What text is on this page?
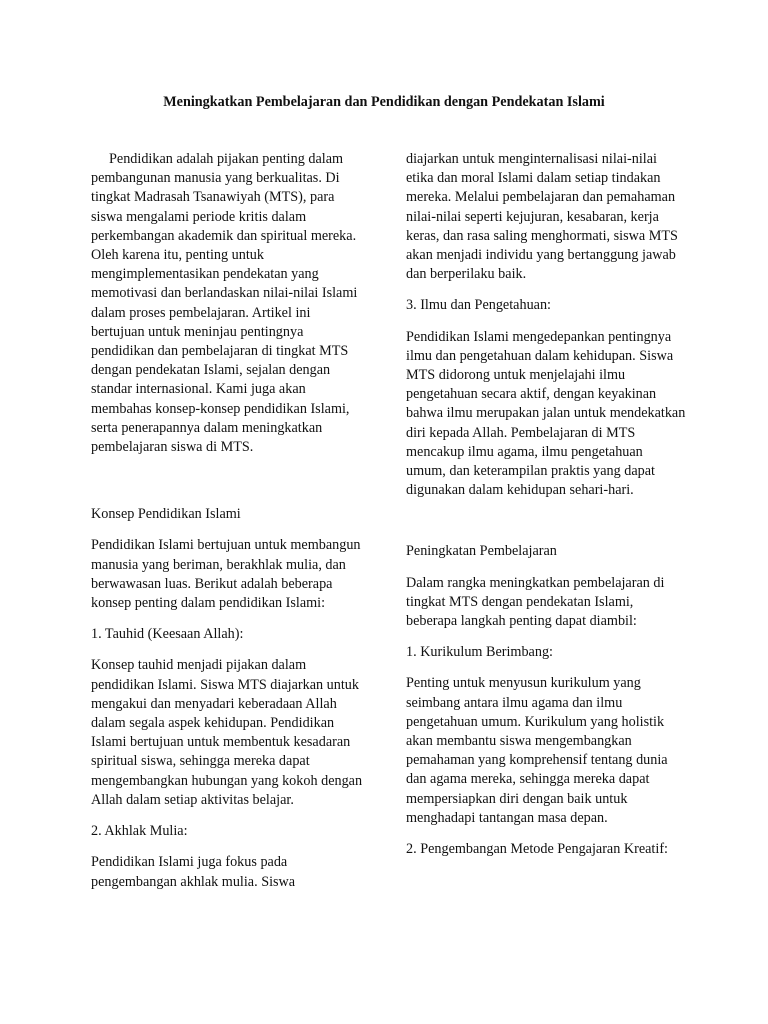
Meningkatkan Pembelajaran dan Pendidikan dengan Pendekatan Islami

Pendidikan adalah pijakan penting dalam pembangunan manusia yang berkualitas. Di tingkat Madrasah Tsanawiyah (MTS), para siswa mengalami periode kritis dalam perkembangan akademik dan spiritual mereka. Oleh karena itu, penting untuk mengimplementasikan pendekatan yang memotivasi dan berlandaskan nilai-nilai Islami dalam proses pembelajaran. Artikel ini bertujuan untuk meninjau pentingnya pendidikan dan pembelajaran di tingkat MTS dengan pendekatan Islami, sejalan dengan standar internasional. Kami juga akan membahas konsep-konsep pendidikan Islami, serta penerapannya dalam meningkatkan pembelajaran siswa di MTS.

Konsep Pendidikan Islami

Pendidikan Islami bertujuan untuk membangun manusia yang beriman, berakhlak mulia, dan berwawasan luas. Berikut adalah beberapa konsep penting dalam pendidikan Islami:

1. Tauhid (Keesaan Allah):

Konsep tauhid menjadi pijakan dalam pendidikan Islami. Siswa MTS diajarkan untuk mengakui dan menyadari keberadaan Allah dalam segala aspek kehidupan. Pendidikan Islami bertujuan untuk membentuk kesadaran spiritual siswa, sehingga mereka dapat mengembangkan hubungan yang kokoh dengan Allah dalam setiap aktivitas belajar.

2. Akhlak Mulia:

Pendidikan Islami juga fokus pada pengembangan akhlak mulia. Siswa

diajarkan untuk menginternalisasi nilai-nilai etika dan moral Islami dalam setiap tindakan mereka. Melalui pembelajaran dan pemahaman nilai-nilai seperti kejujuran, kesabaran, kerja keras, dan rasa saling menghormati, siswa MTS akan menjadi individu yang bertanggung jawab dan berperilaku baik.

3. Ilmu dan Pengetahuan:

Pendidikan Islami mengedepankan pentingnya ilmu dan pengetahuan dalam kehidupan. Siswa MTS didorong untuk menjelajahi ilmu pengetahuan secara aktif, dengan keyakinan bahwa ilmu merupakan jalan untuk mendekatkan diri kepada Allah. Pembelajaran di MTS mencakup ilmu agama, ilmu pengetahuan umum, dan keterampilan praktis yang dapat digunakan dalam kehidupan sehari-hari.

Peningkatan Pembelajaran

Dalam rangka meningkatkan pembelajaran di tingkat MTS dengan pendekatan Islami, beberapa langkah penting dapat diambil:

1. Kurikulum Berimbang:

Penting untuk menyusun kurikulum yang seimbang antara ilmu agama dan ilmu pengetahuan umum. Kurikulum yang holistik akan membantu siswa mengembangkan pemahaman yang komprehensif tentang dunia dan agama mereka, sehingga mereka dapat mempersiapkan diri dengan baik untuk menghadapi tantangan masa depan.

2. Pengembangan Metode Pengajaran Kreatif:
